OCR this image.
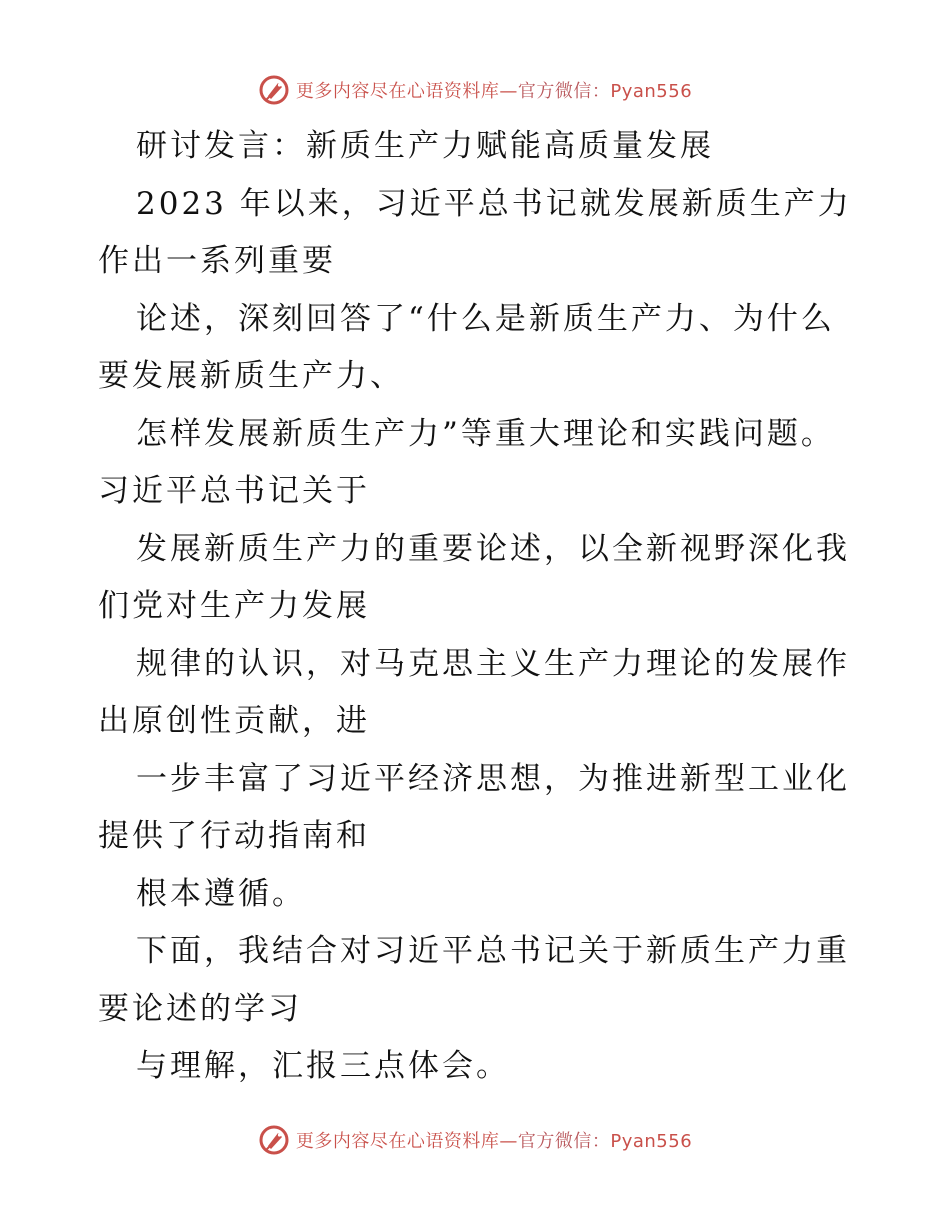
更多内容尽在心语资料库—官方微信：Pyan556
研讨发言：新质生产力赋能高质量发展
2023 年以来，习近平总书记就发展新质生产力
作出一系列重要
论述，深刻回答了“什么是新质生产力、为什么
要发展新质生产力、
怎样发展新质生产力”等重大理论和实践问题。
习近平总书记关于
发展新质生产力的重要论述，以全新视野深化我
们党对生产力发展
规律的认识，对马克思主义生产力理论的发展作
出原创性贡献，进
一步丰富了习近平经济思想，为推进新型工业化
提供了行动指南和
根本遵循。
下面，我结合对习近平总书记关于新质生产力重
要论述的学习
与理解，汇报三点体会。
更多内容尽在心语资料库—官方微信：Pyan556
